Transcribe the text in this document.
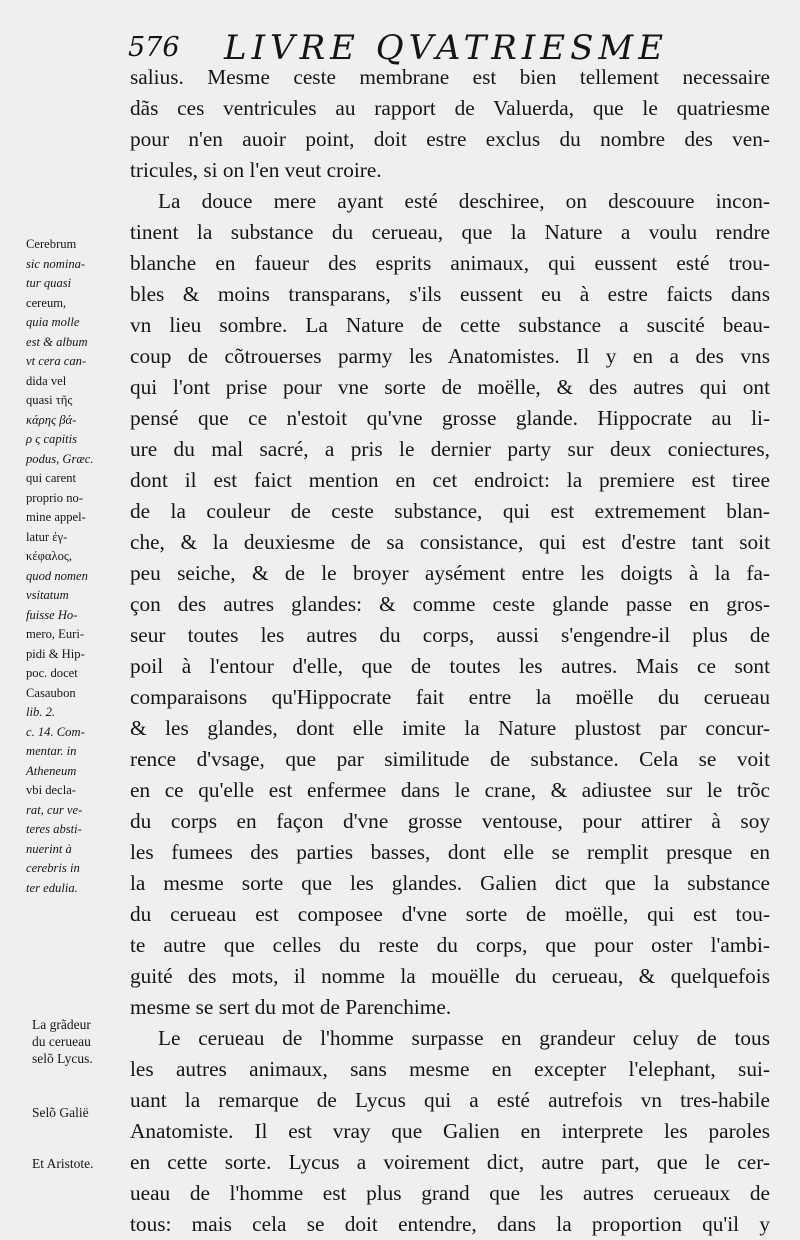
576 LIVRE QVATRIESME
salius. Mesme ceste membrane est bien tellement necessaire
dãs ces ventricules au rapport de Valuerda, que le quatriesme
pour n'en auoir point, doit estre exclus du nombre des ven-
tricules, si on l'en veut croire.
La douce mere ayant esté deschiree, on descouure incon-
tinent la substance du cerueau, que la Nature a voulu rendre
blanche en faueur des esprits animaux, qui eussent esté trou-
bles & moins transparans, s'ils eussent eu à estre faicts dans
vn lieu sombre. La Nature de cette substance a suscité beau-
coup de cõtrouerses parmy les Anatomistes. Il y en a des vns
qui l'ont prise pour vne sorte de moëlle, & des autres qui ont
pensé que ce n'estoit qu'vne grosse glande. Hippocrate au li-
ure du mal sacré, a pris le dernier party sur deux coniectures,
dont il est faict mention en cet endroict: la premiere est tiree
de la couleur de ceste substance, qui est extremement blan-
che, & la deuxiesme de sa consistance, qui est d'estre tant soit
peu seiche, & de le broyer aysément entre les doigts à la fa-
çon des autres glandes: & comme ceste glande passe en gros-
seur toutes les autres du corps, aussi s'engendre-il plus de
poil à l'entour d'elle, que de toutes les autres. Mais ce sont
comparaisons qu'Hippocrate fait entre la moëlle du cerueau
& les glandes, dont elle imite la Nature plustost par concur-
rence d'vsage, que par similitude de substance. Cela se voit
en ce qu'elle est enfermee dans le crane, & adiustee sur le trõc
du corps en façon d'vne grosse ventouse, pour attirer à soy
les fumees des parties basses, dont elle se remplit presque en
la mesme sorte que les glandes. Galien dict que la substance
du cerueau est composee d'vne sorte de moëlle, qui est tou-
te autre que celles du reste du corps, que pour oster l'ambi-
guité des mots, il nomme la mouëlle du cerueau, & quelquefois
mesme se sert du mot de Parenchime.
Le cerueau de l'homme surpasse en grandeur celuy de tous
les autres animaux, sans mesme en excepter l'elephant, sui-
uant la remarque de Lycus qui a esté autrefois vn tres-habile
Anatomiste. Il est vray que Galien en interprete les paroles
en cette sorte. Lycus a voirement dict, autre part, que le cer-
ueau de l'homme est plus grand que les autres cerueaux de
tous: mais cela se doit entendre, dans la proportion qu'il y
Cerebrum
sic nomina-
tur quasi
cereum,
quia molle
est & album
vt cera can-
dida vel
quasi τῆς
κάρης βά-
ρ ς capitis
podus, Græc.
qui carent
proprio no-
mine appel-
latur ἐγ-
κέφαλος,
quod nomen
vsitatum
fuisse Ho-
mero, Euri-
pidi & Hip-
poc. docet
Casaubon
lib. 2.
c. 14. Com-
mentar. in
Atheneum
vbi decla-
rat, cur ve-
teres absti-
nuerint à
cerebris in
ter edulia.
La grãdeur
du cerueau
selõ Lycus.
Selõ Galië
Et Aristote.
